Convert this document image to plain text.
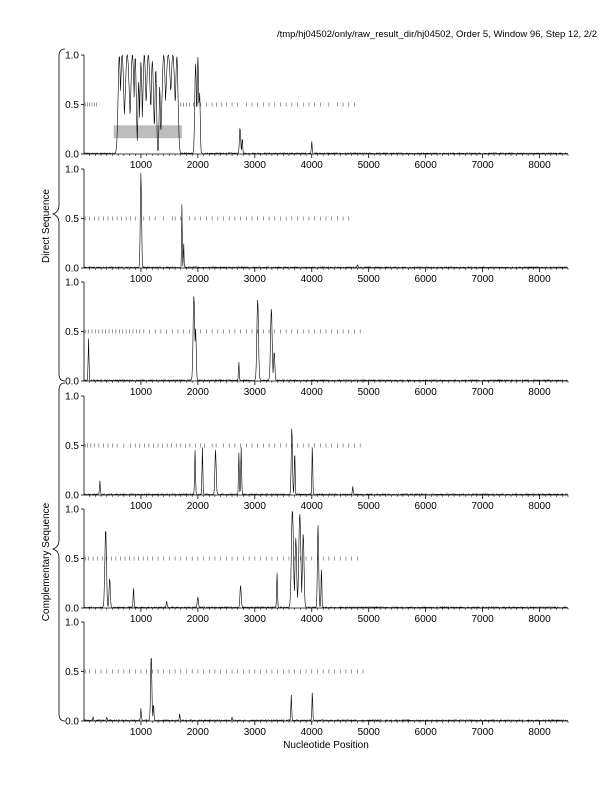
/tmp/hj04502/only/raw_result_dir/hj04502, Order 5, Window 96, Step 12, 2/2
0.0
0.5
1.0
1000	2000	3000	4000	5000	6000	7000	8000
0.0
0.5
1.0
1000	2000	3000	4000	5000	6000	7000	8000
0.0
0.5
1.0
1000	2000	3000	4000	5000	6000	7000	8000
0.0
0.5
1.0
1000	2000	3000	4000	5000	6000	7000	8000
0.0
0.5
1.0
1000	2000	3000	4000	5000	6000	7000	8000
0.0
0.5
1.0
1000	2000	3000	4000	5000	6000	7000	8000
Direct Sequence
Complementary Sequence
Nucleotide Position
